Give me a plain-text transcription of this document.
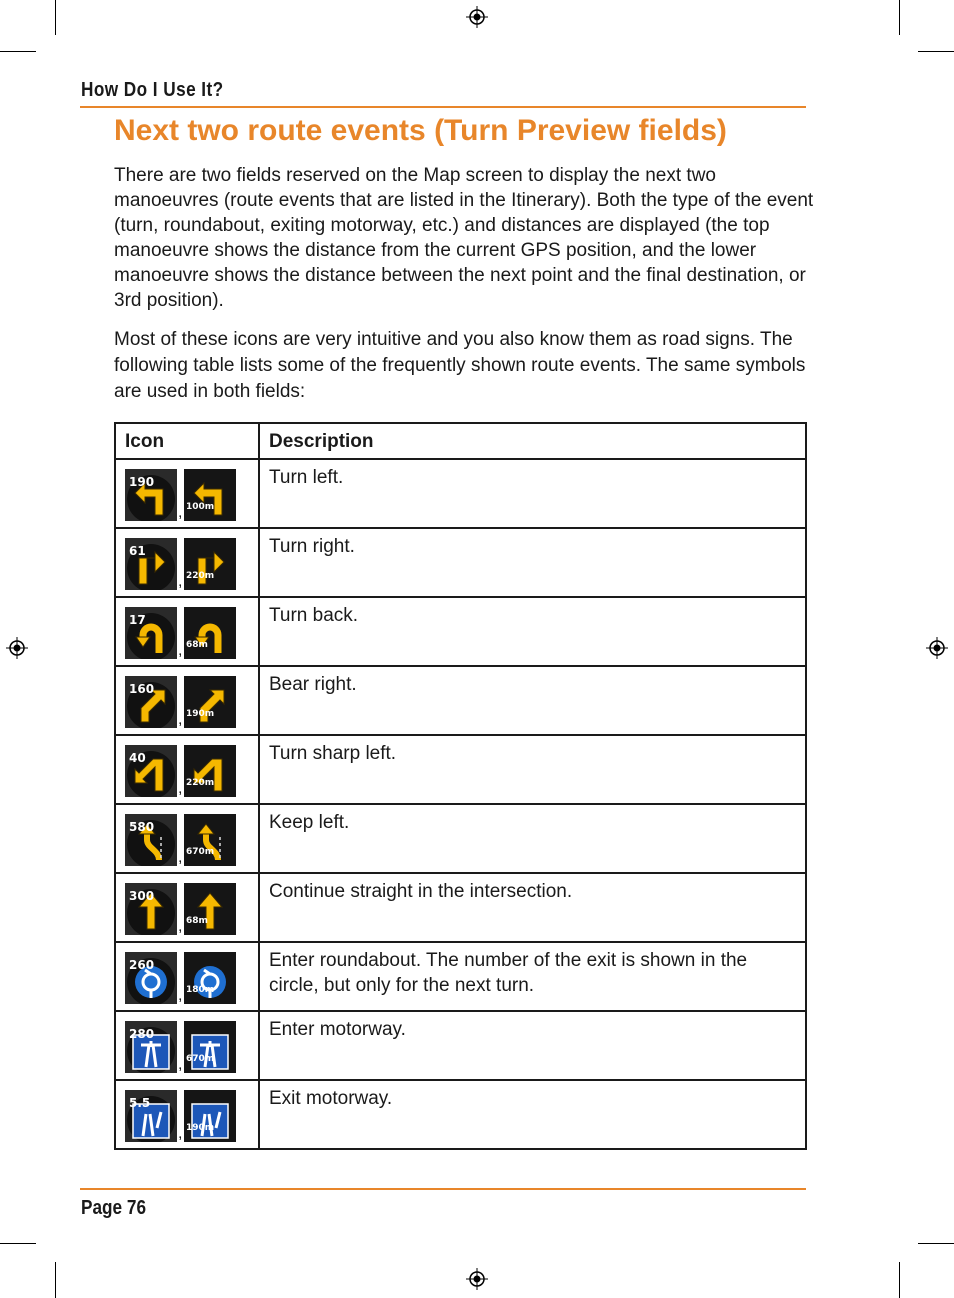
How Do I Use It?
Next two route events (Turn Preview fields)
There are two fields reserved on the Map screen to display the next two manoeuvres (route events that are listed in the Itinerary). Both the type of the event (turn, roundabout, exiting motorway, etc.) and distances are displayed (the top manoeuvre shows the distance from the current GPS position, and the lower manoeuvre shows the distance between the next point and the final destination, or 3rd position).
Most of these icons are very intuitive and you also know them as road signs. The following table lists some of the frequently shown route events. The same symbols are used in both fields:
Icon	Description

190
, 100m	Turn left.

61
, 220m	Turn right.

17
, 68m	Turn back.

160
, 190m	Bear right.

40
, 220m	Turn sharp left.

580
, 670m	Keep left.

300
, 68m	Continue straight in the intersection.

260
, 180m	Enter roundabout. The number of the exit is shown in the circle, but only for the next turn.

280
, 670m	Enter motorway.

5.5
, 190m	Exit motorway.
Page 76
